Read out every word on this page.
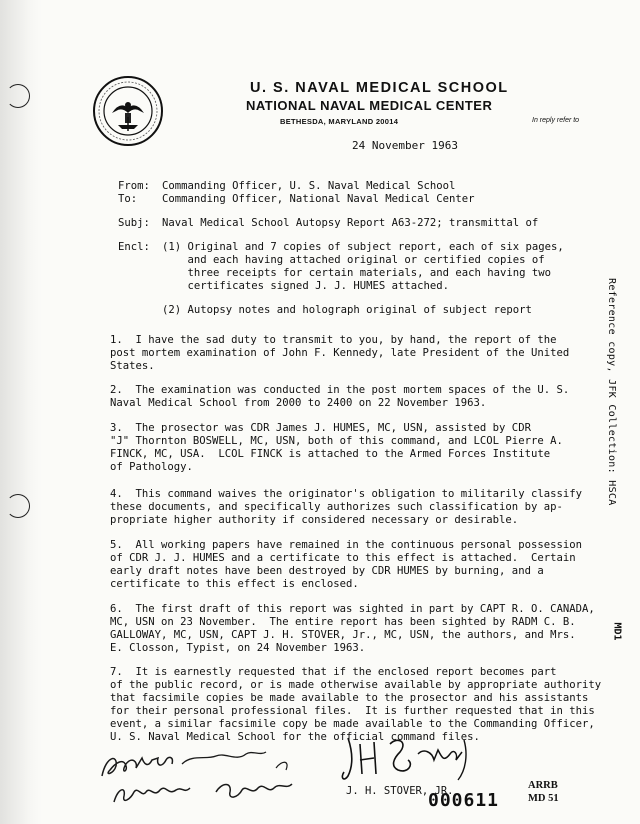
U. S. NAVAL MEDICAL SCHOOL
NATIONAL NAVAL MEDICAL CENTER
BETHESDA, MARYLAND 20014	In reply refer to
24 November 1963
From: Commanding Officer, U. S. Naval Medical School
To: Commanding Officer, National Naval Medical Center
Subj: Naval Medical School Autopsy Report A63-272; transmittal of
Encl: (1) Original and 7 copies of subject report, each of six pages,
and each having attached original or certified copies of
three receipts for certain materials, and each having two
certificates signed J. J. HUMES attached.
(2) Autopsy notes and holograph original of subject report
1.  I have the sad duty to transmit to you, by hand, the report of the
post mortem examination of John F. Kennedy, late President of the United
States.
2.  The examination was conducted in the post mortem spaces of the U. S.
Naval Medical School from 2000 to 2400 on 22 November 1963.
3.  The prosector was CDR James J. HUMES, MC, USN, assisted by CDR
"J" Thornton BOSWELL, MC, USN, both of this command, and LCOL Pierre A.
FINCK, MC, USA.  LCOL FINCK is attached to the Armed Forces Institute
of Pathology.
4.  This command waives the originator's obligation to militarily classify
these documents, and specifically authorizes such classification by ap-
propriate higher authority if considered necessary or desirable.
5.  All working papers have remained in the continuous personal possession
of CDR J. J. HUMES and a certificate to this effect is attached.  Certain
early draft notes have been destroyed by CDR HUMES by burning, and a
certificate to this effect is enclosed.
6.  The first draft of this report was sighted in part by CAPT R. O. CANADA,
MC, USN on 23 November.  The entire report has been sighted by RADM C. B.
GALLOWAY, MC, USN, CAPT J. H. STOVER, Jr., MC, USN, the authors, and Mrs.
E. Closson, Typist, on 24 November 1963.
7.  It is earnestly requested that if the enclosed report becomes part
of the public record, or is made otherwise available by appropriate authority
that facsimile copies be made available to the prosector and his assistants
for their personal professional files.  It is further requested that in this
event, a similar facsimile copy be made available to the Commanding Officer,
U. S. Naval Medical School for the official command files.
J. H. STOVER, JR.
Reference copy, JFK Collection: HSCA
MD1
000611
ARRB
MD 51
